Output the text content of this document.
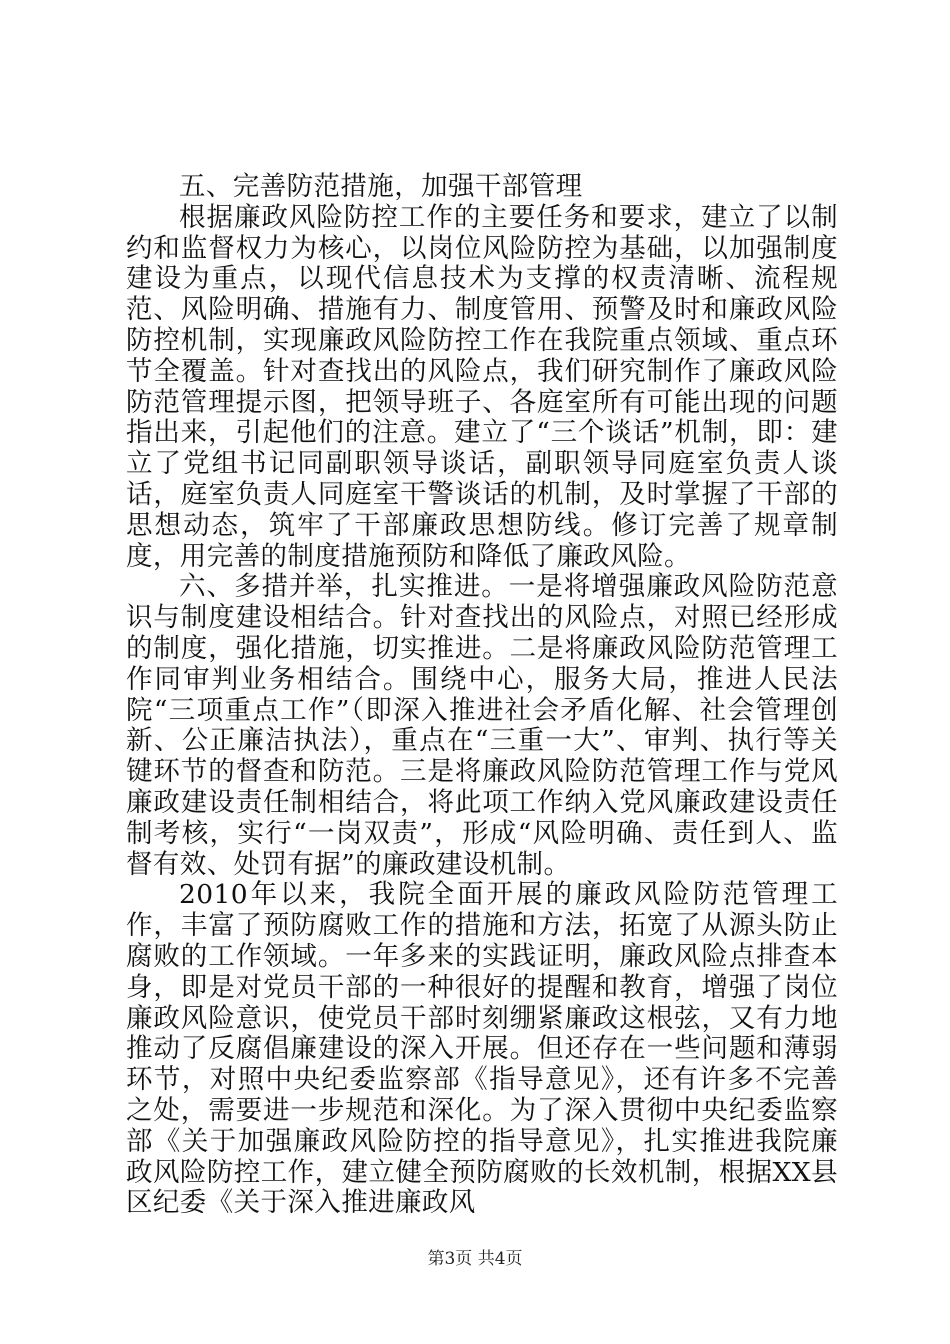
五、完善防范措施，加强干部管理

根据廉政风险防控工作的主要任务和要求，建立了以制约和监督权力为核心，以岗位风险防控为基础，以加强制度建设为重点，以现代信息技术为支撑的权责清晰、流程规范、风险明确、措施有力、制度管用、预警及时和廉政风险防控机制，实现廉政风险防控工作在我院重点领域、重点环节全覆盖。针对查找出的风险点，我们研究制作了廉政风险防范管理提示图，把领导班子、各庭室所有可能出现的问题指出来，引起他们的注意。建立了“三个谈话”机制，即：建立了党组书记同副职领导谈话，副职领导同庭室负责人谈话，庭室负责人同庭室干警谈话的机制，及时掌握了干部的思想动态，筑牢了干部廉政思想防线。修订完善了规章制度，用完善的制度措施预防和降低了廉政风险。

六、多措并举，扎实推进。一是将增强廉政风险防范意识与制度建设相结合。针对查找出的风险点，对照已经形成的制度，强化措施，切实推进。二是将廉政风险防范管理工作同审判业务相结合。围绕中心，服务大局，推进人民法院“三项重点工作”（即深入推进社会矛盾化解、社会管理创新、公正廉洁执法），重点在“三重一大”、审判、执行等关键环节的督查和防范。三是将廉政风险防范管理工作与党风廉政建设责任制相结合，将此项工作纳入党风廉政建设责任制考核，实行“一岗双责”，形成“风险明确、责任到人、监督有效、处罚有据”的廉政建设机制。

2010年以来，我院全面开展的廉政风险防范管理工作，丰富了预防腐败工作的措施和方法，拓宽了从源头防止腐败的工作领域。一年多来的实践证明，廉政风险点排查本身，即是对党员干部的一种很好的提醒和教育，增强了岗位廉政风险意识，使党员干部时刻绷紧廉政这根弦，又有力地推动了反腐倡廉建设的深入开展。但还存在一些问题和薄弱环节，对照中央纪委监察部《指导意见》，还有许多不完善之处，需要进一步规范和深化。为了深入贯彻中央纪委监察部《关于加强廉政风险防控的指导意见》，扎实推进我院廉政风险防控工作，建立健全预防腐败的长效机制，根据XX县区纪委《关于深入推进廉政风

第3页 共4页
